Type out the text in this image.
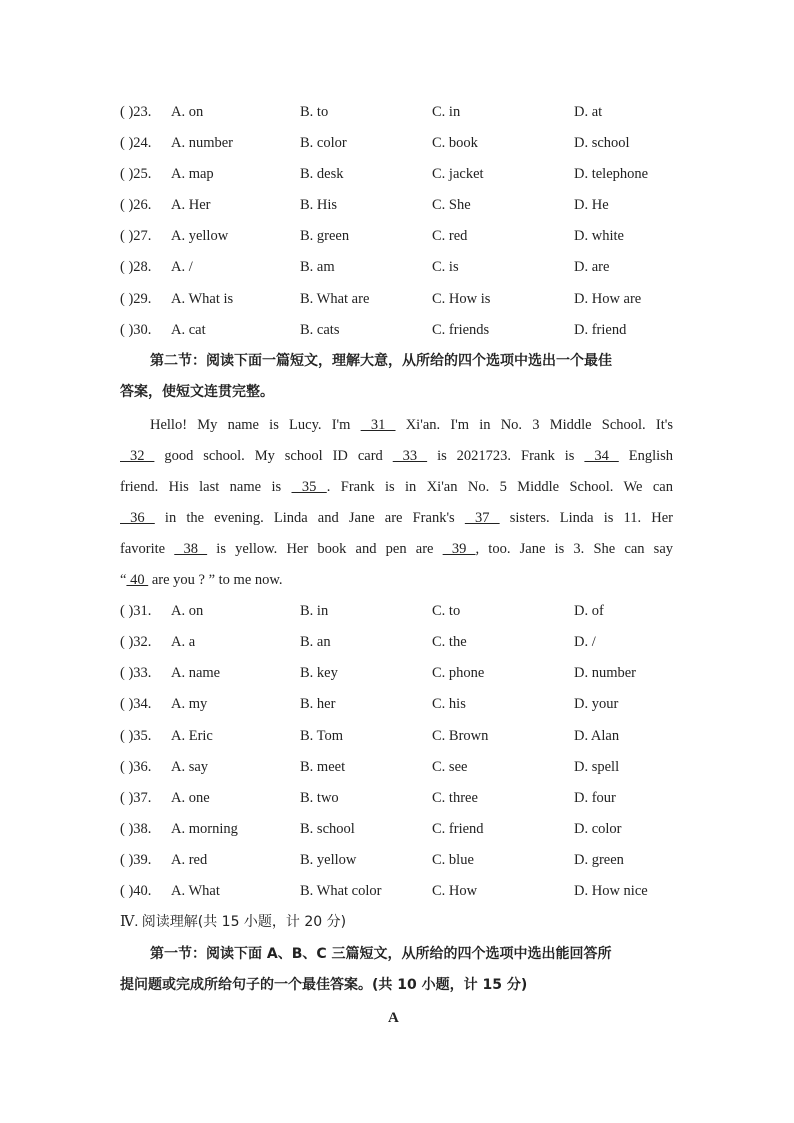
( )23. A. on	B. to	C. in	D. at
( )24. A. number	B. color	C. book	D. school
( )25. A. map	B. desk	C. jacket	D. telephone
( )26. A. Her	B. His	C. She	D. He
( )27. A. yellow	B. green	C. red	D. white
( )28. A. /	B. am	C. is	D. are
( )29. A. What is	B. What are	C. How is	D. How are
( )30. A. cat	B. cats	C. friends	D. friend
第二节：阅读下面一篇短文，理解大意，从所给的四个选项中选出一个最佳
答案，使短文连贯完整。
Hello! My name is Lucy. I'm  31  Xi'an. I'm in No. 3 Middle School. It's
32  good school. My school ID card  33  is 2021723. Frank is  34  English
friend. His last name is  35 . Frank is in Xi'an No. 5 Middle School. We can
36  in the evening. Linda and Jane are Frank's  37  sisters. Linda is 11. Her
favorite  38  is yellow. Her book and pen are  39 , too. Jane is 3. She can say
“ 40  are you ? ” to me now.
( )31. A. on	B. in	C. to	D. of
( )32. A. a	B. an	C. the	D. /
( )33. A. name	B. key	C. phone	D. number
( )34. A. my	B. her	C. his	D. your
( )35. A. Eric	B. Tom	C. Brown	D. Alan
( )36. A. say	B. meet	C. see	D. spell
( )37. A. one	B. two	C. three	D. four
( )38. A. morning	B. school	C. friend	D. color
( )39. A. red	B. yellow	C. blue	D. green
( )40. A. What	B. What color	C. How	D. How nice
Ⅳ. 阅读理解(共 15 小题，计 20 分)
第一节：阅读下面 A、B、C 三篇短文，从所给的四个选项中选出能回答所
提问题或完成所给句子的一个最佳答案。(共 10 小题，计 15 分)
A
